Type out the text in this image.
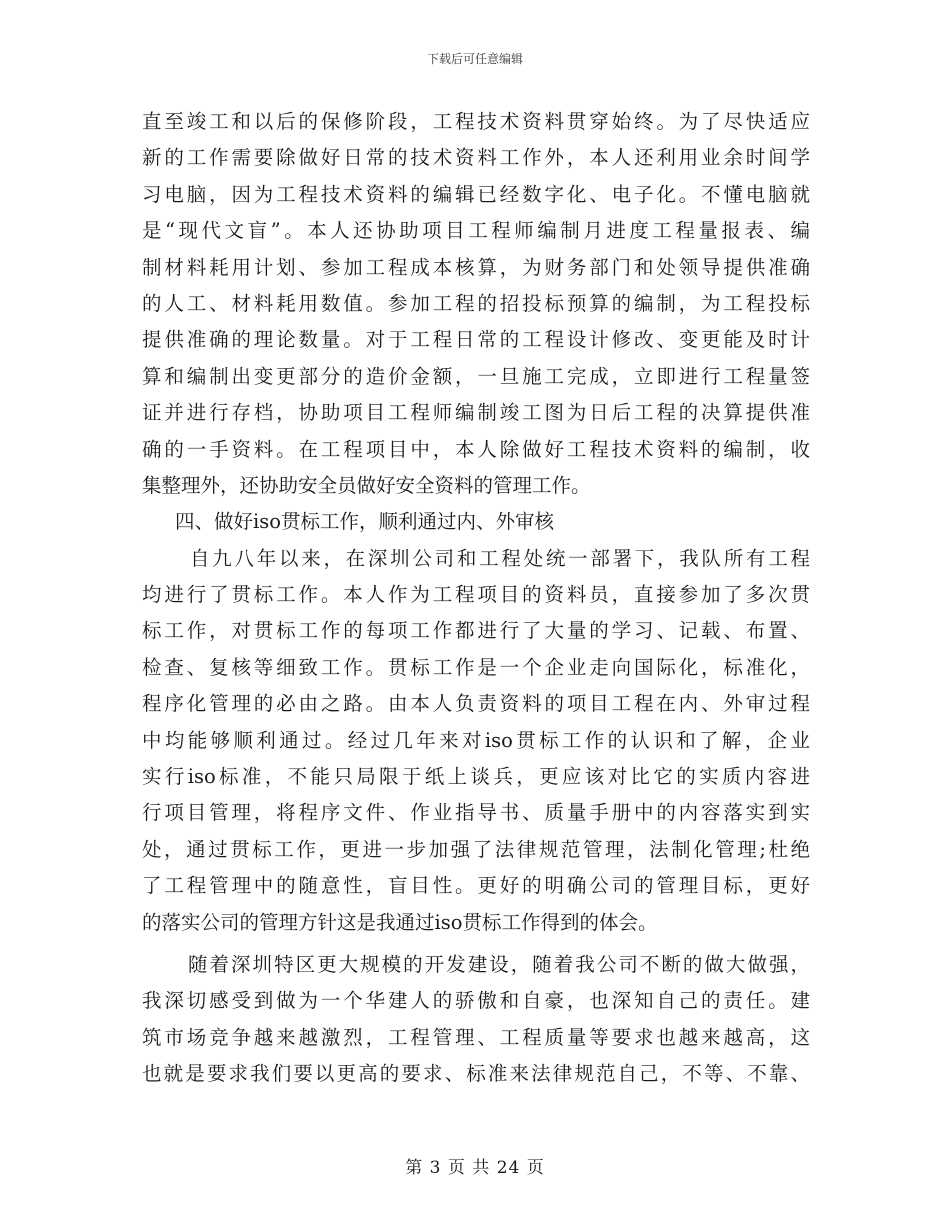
下载后可任意编辑
直至竣工和以后的保修阶段，工程技术资料贯穿始终。为了尽快适应
新的工作需要除做好日常的技术资料工作外，本人还利用业余时间学
习电脑，因为工程技术资料的编辑已经数字化、电子化。不懂电脑就
是“现代文盲”。本人还协助项目工程师编制月进度工程量报表、编
制材料耗用计划、参加工程成本核算，为财务部门和处领导提供准确
的人工、材料耗用数值。参加工程的招投标预算的编制，为工程投标
提供准确的理论数量。对于工程日常的工程设计修改、变更能及时计
算和编制出变更部分的造价金额，一旦施工完成，立即进行工程量签
证并进行存档，协助项目工程师编制竣工图为日后工程的决算提供准
确的一手资料。在工程项目中，本人除做好工程技术资料的编制，收
集整理外，还协助安全员做好安全资料的管理工作。
四、做好iso贯标工作，顺利通过内、外审核
自九八年以来，在深圳公司和工程处统一部署下，我队所有工程
均进行了贯标工作。本人作为工程项目的资料员，直接参加了多次贯
标工作，对贯标工作的每项工作都进行了大量的学习、记载、布置、
检查、复核等细致工作。贯标工作是一个企业走向国际化，标准化，
程序化管理的必由之路。由本人负责资料的项目工程在内、外审过程
中均能够顺利通过。经过几年来对iso贯标工作的认识和了解，企业
实行iso标准，不能只局限于纸上谈兵，更应该对比它的实质内容进
行项目管理，将程序文件、作业指导书、质量手册中的内容落实到实
处，通过贯标工作，更进一步加强了法律规范管理，法制化管理;杜绝
了工程管理中的随意性，盲目性。更好的明确公司的管理目标，更好
的落实公司的管理方针这是我通过iso贯标工作得到的体会。
随着深圳特区更大规模的开发建设，随着我公司不断的做大做强，
我深切感受到做为一个华建人的骄傲和自豪，也深知自己的责任。建
筑市场竞争越来越激烈，工程管理、工程质量等要求也越来越高，这
也就是要求我们要以更高的要求、标准来法律规范自己，不等、不靠、
第 3 页 共 24 页
